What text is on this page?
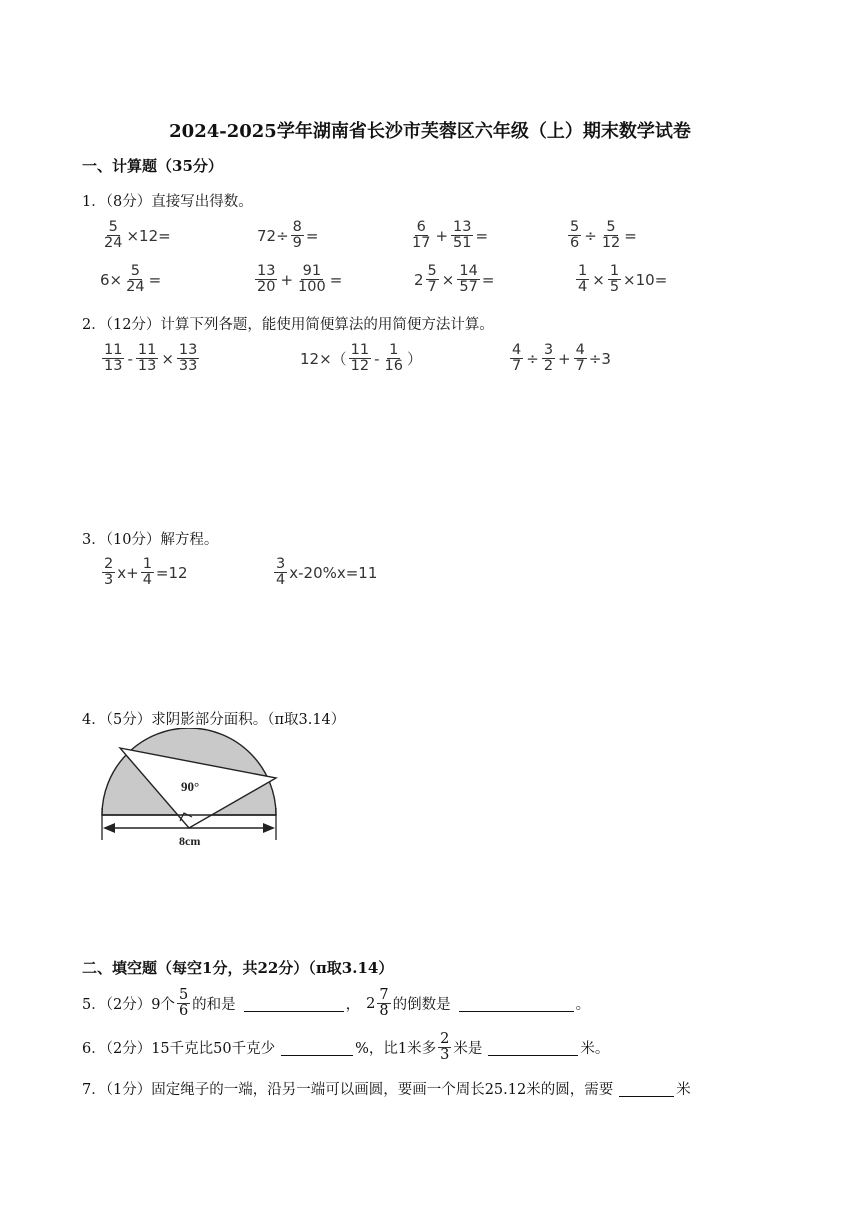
2024-2025学年湖南省长沙市芙蓉区六年级（上）期末数学试卷
一、计算题（35分）
1．（8分）直接写出得数。
$\frac{5}{24} \times 12=$	$72\div \frac{8}{9}$ =	$\frac{6}{17} + \frac{13}{51}$ =	$\frac{5}{6} \div \frac{5}{12}$ =
$6\times \frac{5}{24}$ =	$\frac{13}{20} + \frac{91}{100}$ =	$2 \frac{5}{7} \times \frac{14}{57}$ =	$\frac{1}{4} \times \frac{1}{5} \times 10=$
2．（12分）计算下列各题，能使用简便算法的用简便方法计算。
$\frac{11}{13} - \frac{11}{13} \times \frac{13}{33}$	$12\times( \frac{11}{12} - \frac{1}{16}$ ）	$\frac{4}{7} \div \frac{3}{2} + \frac{4}{7} \div 3$
3．（10分）解方程。
$\frac{2}{3} x+ \frac{1}{4} =12$	$\frac{3}{4} x-20\%x=11$
4．（5分）求阴影部分面积。（π取3.14）
90°
8cm
二、填空题（每空1分，共22分）（π取3.14）
5．（2分）9个 $\frac{5}{6}$ 的和是	， $2 \frac{7}{8}$ 的倒数是	。
6．（2分）15千克比50千克少	%，比1米多 $\frac{2}{3}$ 米是	米。
7．（1分）固定绳子的一端，沿另一端可以画圆，要画一个周长25.12米的圆，需要	米
